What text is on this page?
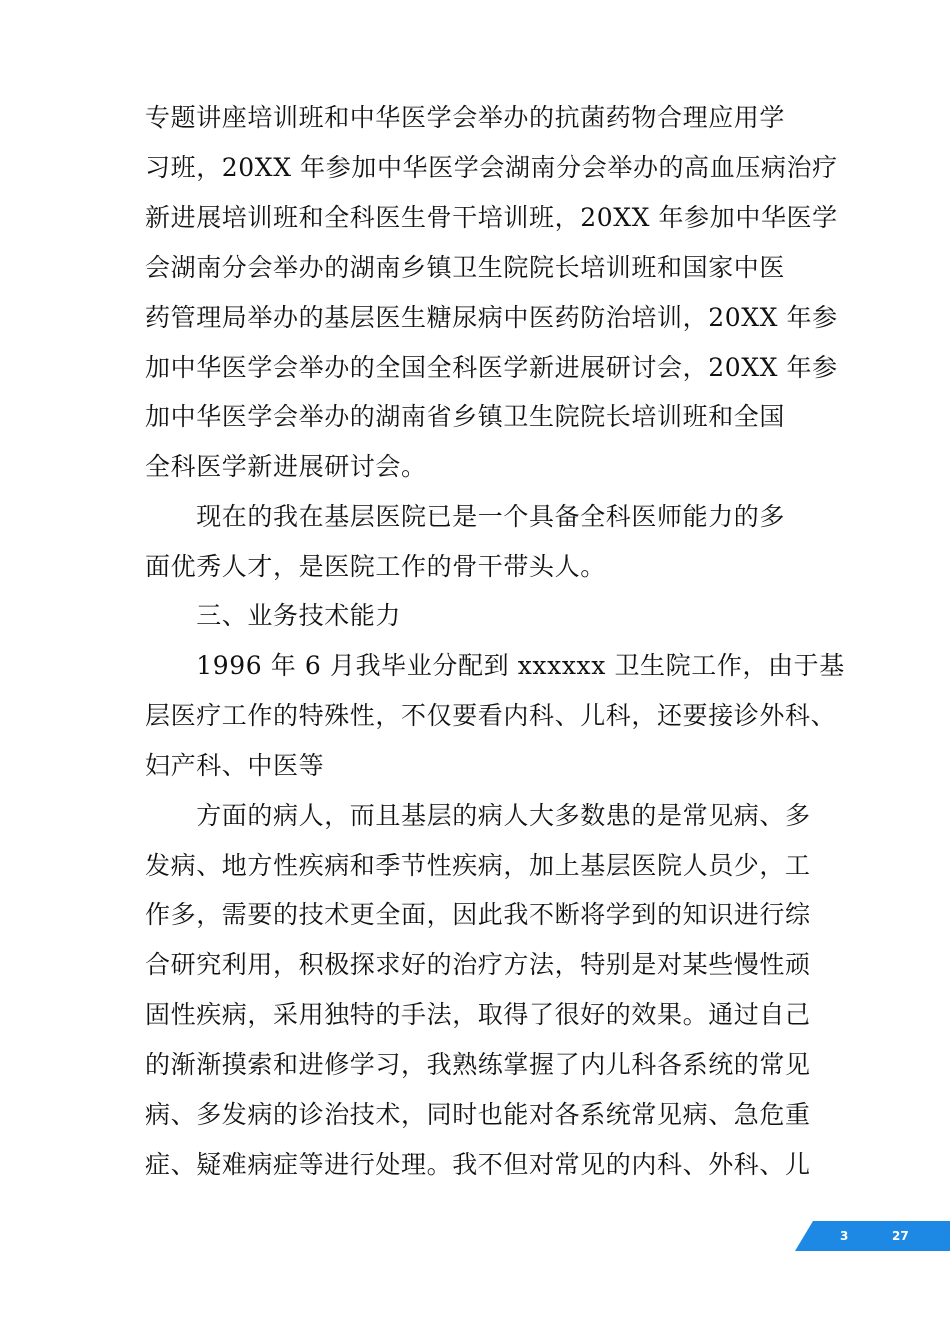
专题讲座培训班和中华医学会举办的抗菌药物合理应用学
习班，20XX 年参加中华医学会湖南分会举办的高血压病治疗
新进展培训班和全科医生骨干培训班，20XX 年参加中华医学
会湖南分会举办的湖南乡镇卫生院院长培训班和国家中医
药管理局举办的基层医生糖尿病中医药防治培训，20XX 年参
加中华医学会举办的全国全科医学新进展研讨会，20XX 年参
加中华医学会举办的湖南省乡镇卫生院院长培训班和全国
全科医学新进展研讨会。
　　现在的我在基层医院已是一个具备全科医师能力的多
面优秀人才，是医院工作的骨干带头人。
　　三、业务技术能力
　　1996 年 6 月我毕业分配到 xxxxxx 卫生院工作，由于基
层医疗工作的特殊性，不仅要看内科、儿科，还要接诊外科、
妇产科、中医等
　　方面的病人，而且基层的病人大多数患的是常见病、多
发病、地方性疾病和季节性疾病，加上基层医院人员少，工
作多，需要的技术更全面，因此我不断将学到的知识进行综
合研究利用，积极探求好的治疗方法，特别是对某些慢性顽
固性疾病，采用独特的手法，取得了很好的效果。通过自己
的渐渐摸索和进修学习，我熟练掌握了内儿科各系统的常见
病、多发病的诊治技术，同时也能对各系统常见病、急危重
症、疑难病症等进行处理。我不但对常见的内科、外科、儿
3	27
